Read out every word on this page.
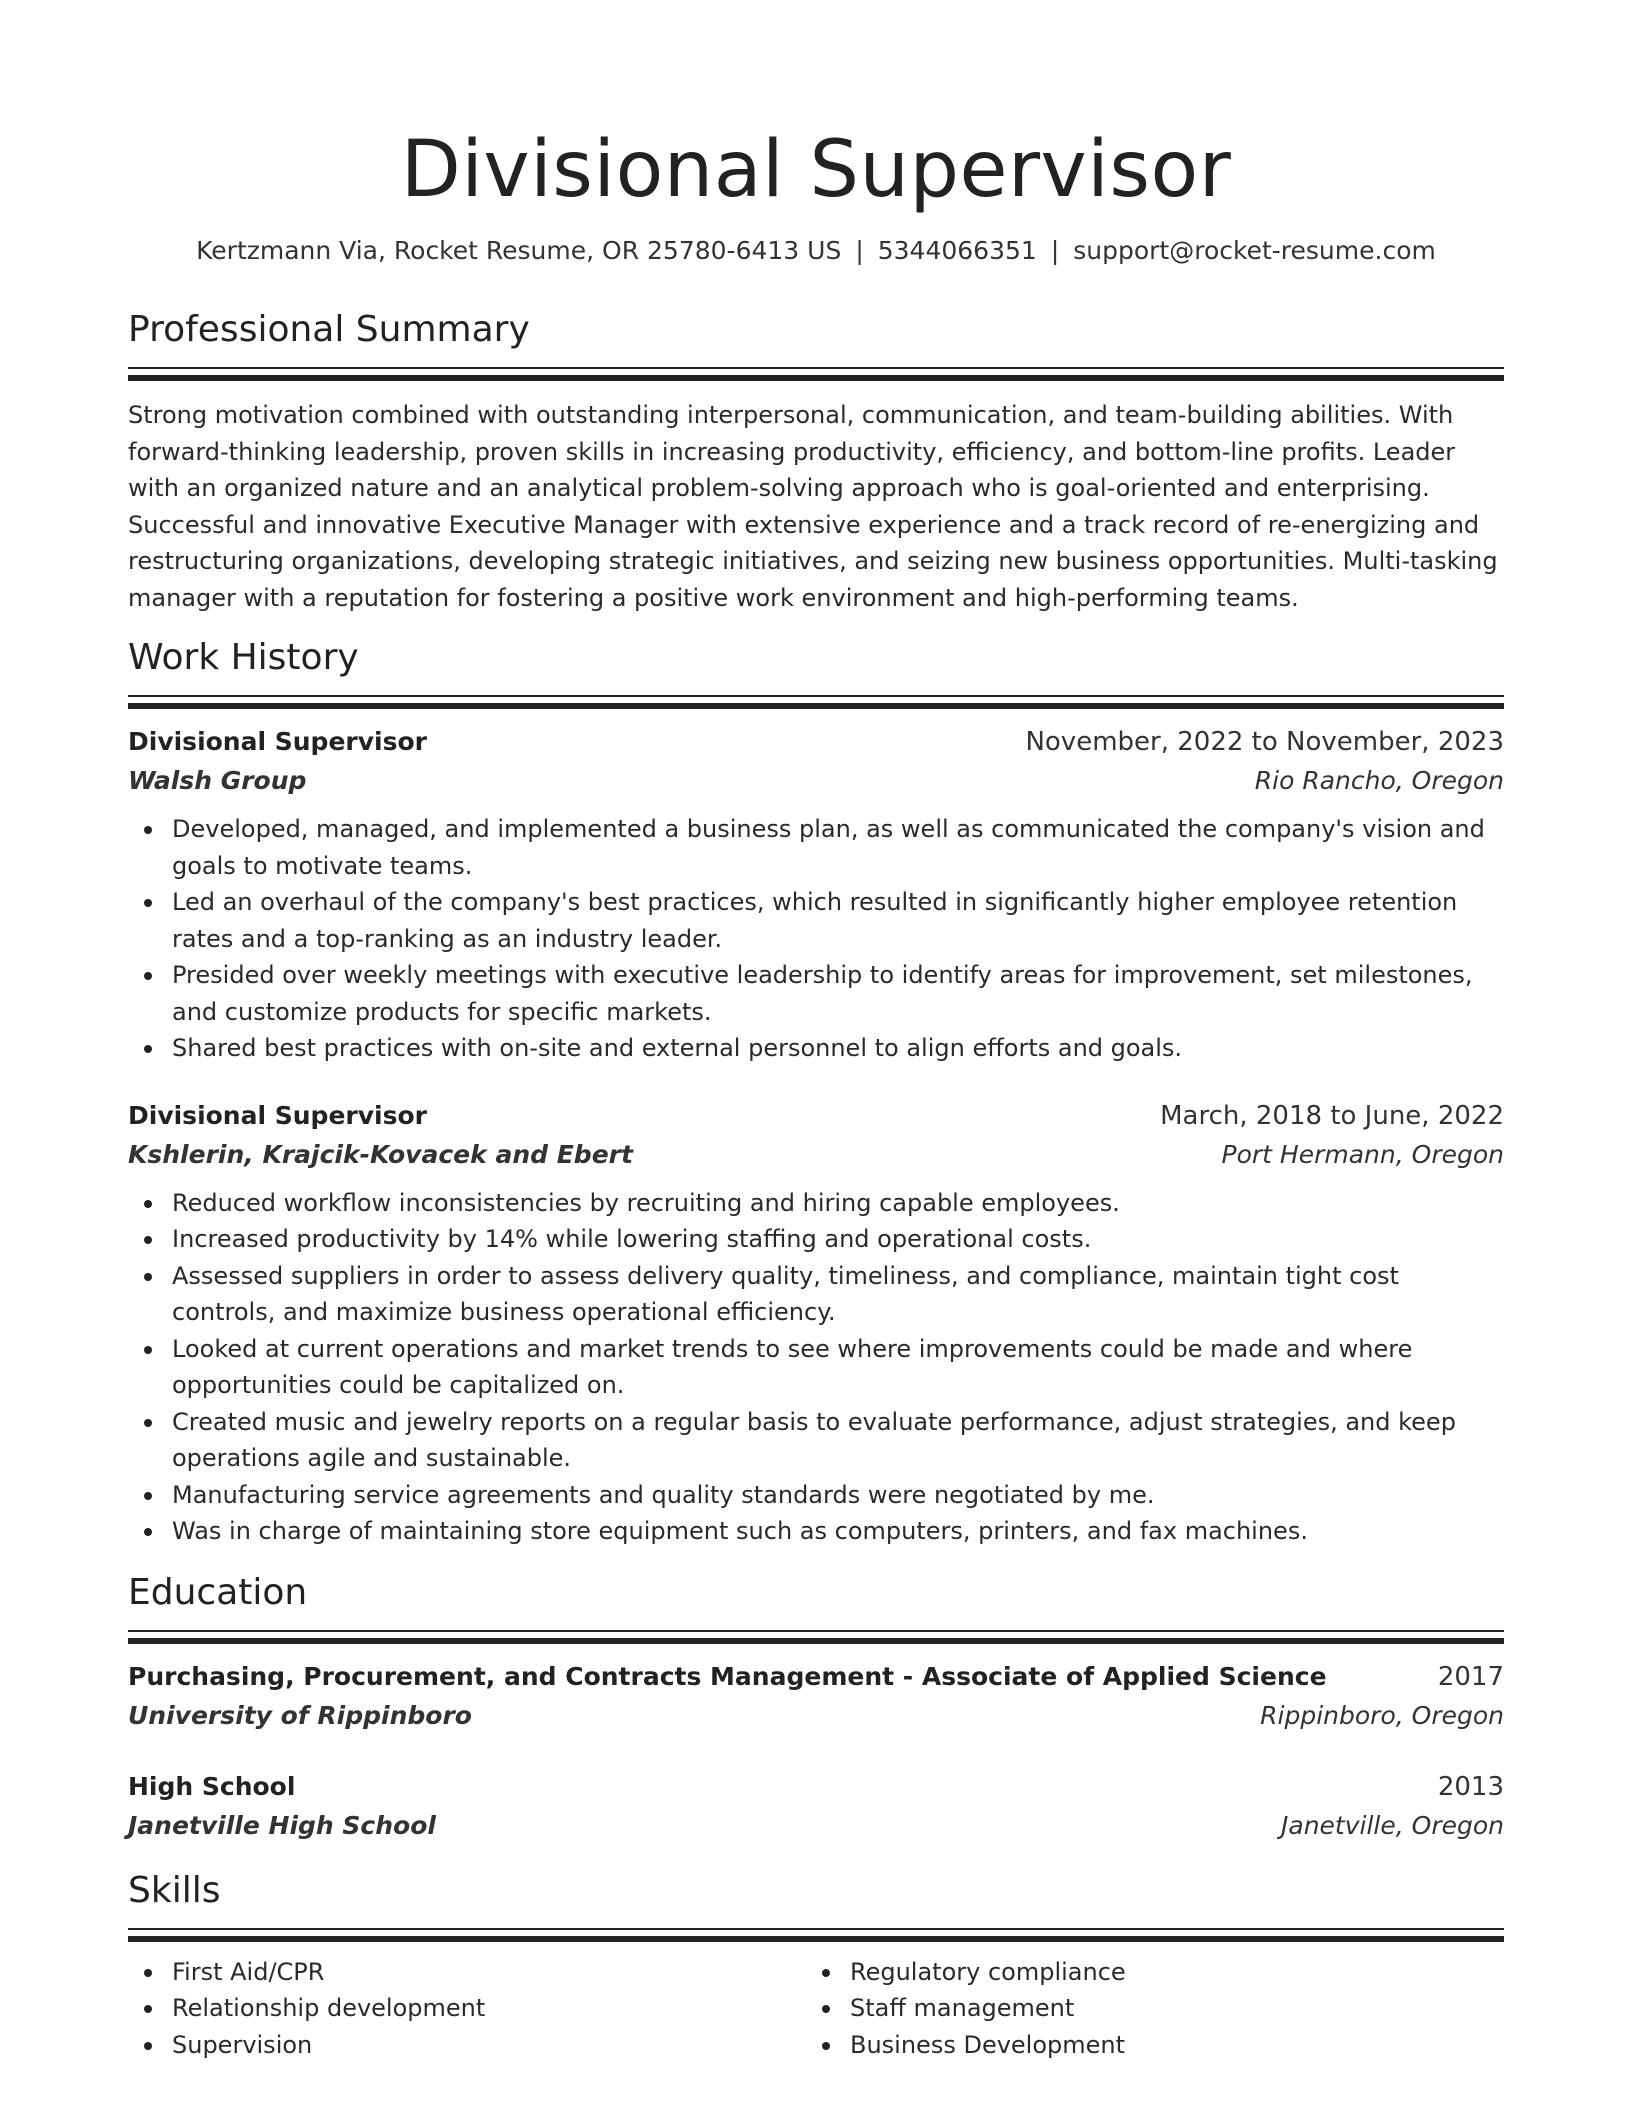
Divisional Supervisor
Kertzmann Via, Rocket Resume, OR 25780-6413 US | 5344066351 | support@rocket-resume.com
Professional Summary

Strong motivation combined with outstanding interpersonal, communication, and team-building abilities. With forward-thinking leadership, proven skills in increasing productivity, efficiency, and bottom-line profits. Leader with an organized nature and an analytical problem-solving approach who is goal-oriented and enterprising. Successful and innovative Executive Manager with extensive experience and a track record of re-energizing and restructuring organizations, developing strategic initiatives, and seizing new business opportunities. Multi-tasking manager with a reputation for fostering a positive work environment and high-performing teams.

Work History
Divisional Supervisor	November, 2022 to November, 2023
Walsh Group	Rio Rancho, Oregon
Developed, managed, and implemented a business plan, as well as communicated the company's vision and goals to motivate teams.
Led an overhaul of the company's best practices, which resulted in significantly higher employee retention rates and a top-ranking as an industry leader.
Presided over weekly meetings with executive leadership to identify areas for improvement, set milestones, and customize products for specific markets.
Shared best practices with on-site and external personnel to align efforts and goals.
Divisional Supervisor	March, 2018 to June, 2022
Kshlerin, Krajcik-Kovacek and Ebert	Port Hermann, Oregon
Reduced workflow inconsistencies by recruiting and hiring capable employees.
Increased productivity by 14% while lowering staffing and operational costs.
Assessed suppliers in order to assess delivery quality, timeliness, and compliance, maintain tight cost controls, and maximize business operational efficiency.
Looked at current operations and market trends to see where improvements could be made and where opportunities could be capitalized on.
Created music and jewelry reports on a regular basis to evaluate performance, adjust strategies, and keep operations agile and sustainable.
Manufacturing service agreements and quality standards were negotiated by me.
Was in charge of maintaining store equipment such as computers, printers, and fax machines.
Education
Purchasing, Procurement, and Contracts Management - Associate of Applied Science	2017
University of Rippinboro	Rippinboro, Oregon
High School	2013
Janetville High School	Janetville, Oregon
Skills
First Aid/CPR
Relationship development
Supervision
Regulatory compliance
Staff management
Business Development
